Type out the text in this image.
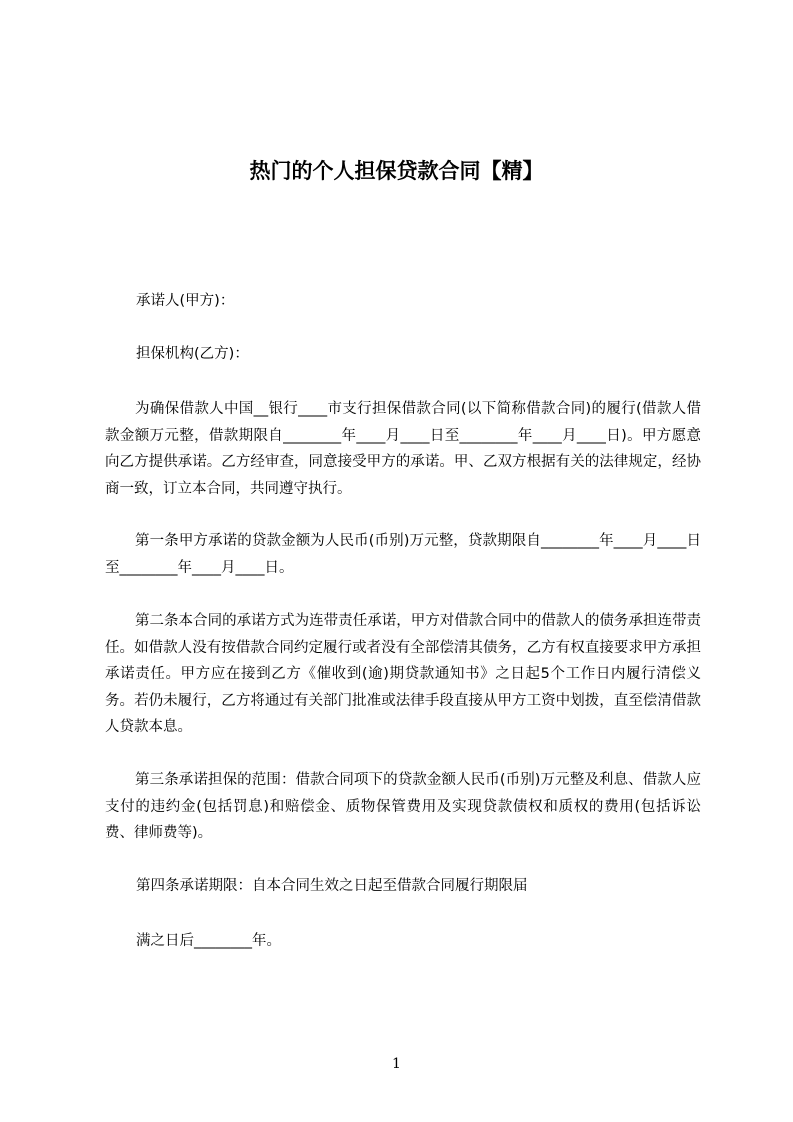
热门的个人担保贷款合同【精】

承诺人(甲方)：

担保机构(乙方)：

为确保借款人中国__银行____市支行担保借款合同(以下简称借款合同)的履行(借款人借款金额万元整，借款期限自________年____月____日至________年____月____日)。甲方愿意向乙方提供承诺。乙方经审查，同意接受甲方的承诺。甲、乙双方根据有关的法律规定，经协商一致，订立本合同，共同遵守执行。

第一条甲方承诺的贷款金额为人民币(币别)万元整，贷款期限自________年____月____日至________年____月____日。

第二条本合同的承诺方式为连带责任承诺，甲方对借款合同中的借款人的债务承担连带责任。如借款人没有按借款合同约定履行或者没有全部偿清其债务，乙方有权直接要求甲方承担承诺责任。甲方应在接到乙方《催收到(逾)期贷款通知书》之日起5个工作日内履行清偿义务。若仍未履行，乙方将通过有关部门批准或法律手段直接从甲方工资中划拨，直至偿清借款人贷款本息。

第三条承诺担保的范围：借款合同项下的贷款金额人民币(币别)万元整及利息、借款人应支付的违约金(包括罚息)和赔偿金、质物保管费用及实现贷款债权和质权的费用(包括诉讼费、律师费等)。

第四条承诺期限：自本合同生效之日起至借款合同履行期限届

满之日后________年。

1
